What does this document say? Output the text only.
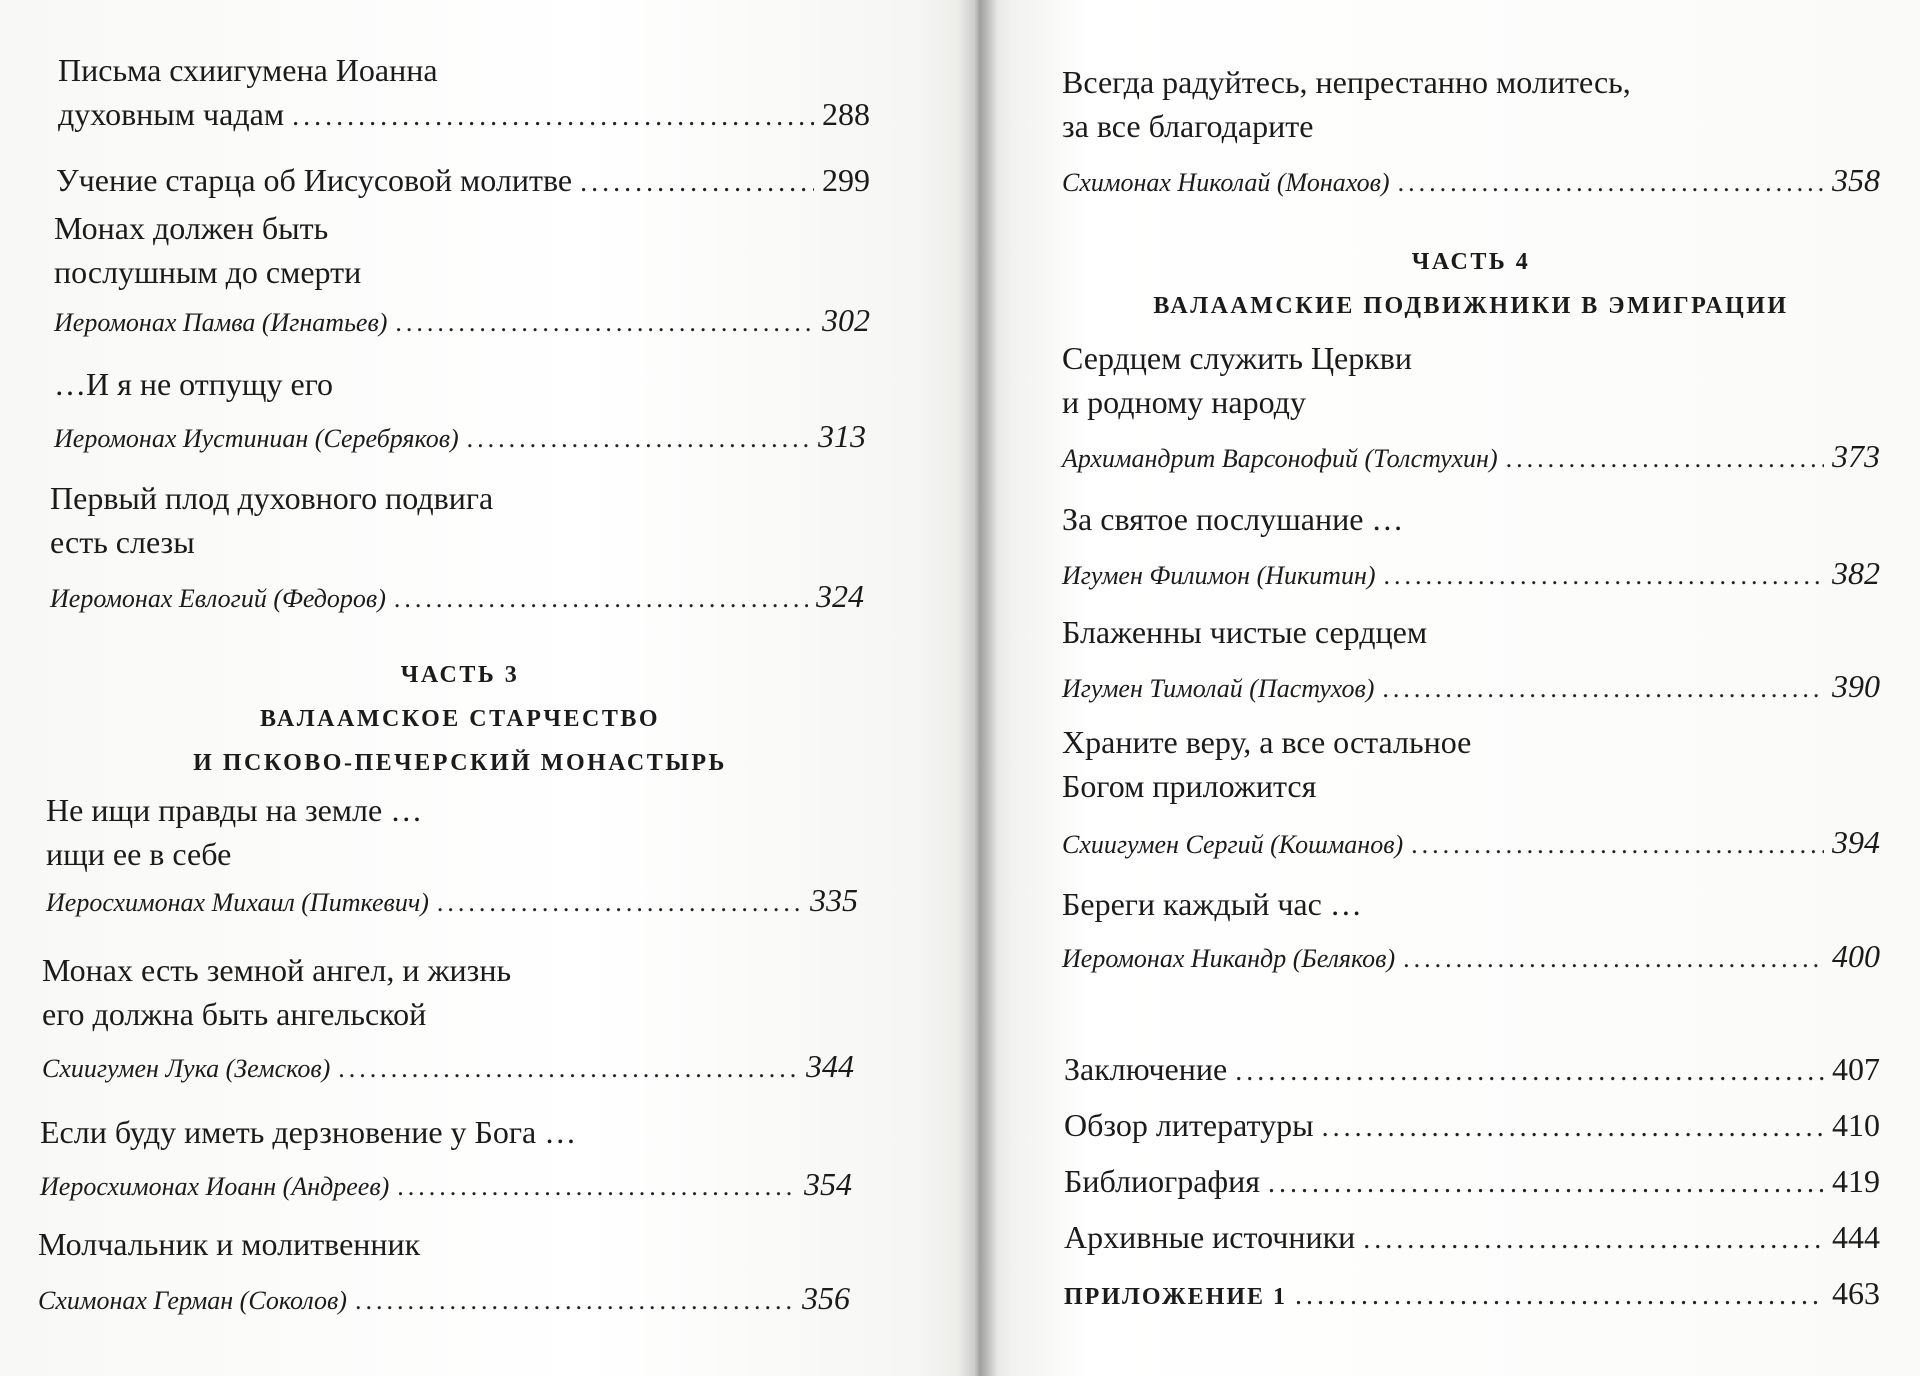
Письма схиигумена Иоанна
духовным чадам .....	288
Учение старца об Иисусовой молитве .....	299
Монах должен быть
послушным до смерти
Иеромонах Памва (Игнатьев) .....	302
…И я не отпущу его
Иеромонах Иустиниан (Серебряков) .....	313
Первый плод духовного подвига
есть слезы
Иеромонах Евлогий (Федоров) .....	324
ЧАСТЬ 3
ВАЛААМСКОЕ СТАРЧЕСТВО
И ПСКОВО-ПЕЧЕРСКИЙ МОНАСТЫРЬ
Не ищи правды на земле …
ищи ее в себе
Иеросхимонах Михаил (Питкевич) .....	335
Монах есть земной ангел, и жизнь
его должна быть ангельской
Схиигумен Лука (Земсков) .....	344
Если буду иметь дерзновение у Бога …
Иеросхимонах Иоанн (Андреев) .....	354
Молчальник и молитвенник
Схимонах Герман (Соколов) .....	356
Всегда радуйтесь, непрестанно молитесь,
за все благодарите
Схимонах Николай (Монахов) .....	358
ЧАСТЬ 4
ВАЛААМСКИЕ ПОДВИЖНИКИ В ЭМИГРАЦИИ
Сердцем служить Церкви
и родному народу
Архимандрит Варсонофий (Толстухин) .....	373
За святое послушание …
Игумен Филимон (Никитин) .....	382
Блаженны чистые сердцем
Игумен Тимолай (Пастухов) .....	390
Храните веру, а все остальное
Богом приложится
Схиигумен Сергий (Кошманов) .....	394
Береги каждый час …
Иеромонах Никандр (Беляков) .....	400
Заключение .....	407
Обзор литературы .....	410
Библиография .....	419
Архивные источники .....	444
ПРИЛОЖЕНИЕ 1 .....	463
